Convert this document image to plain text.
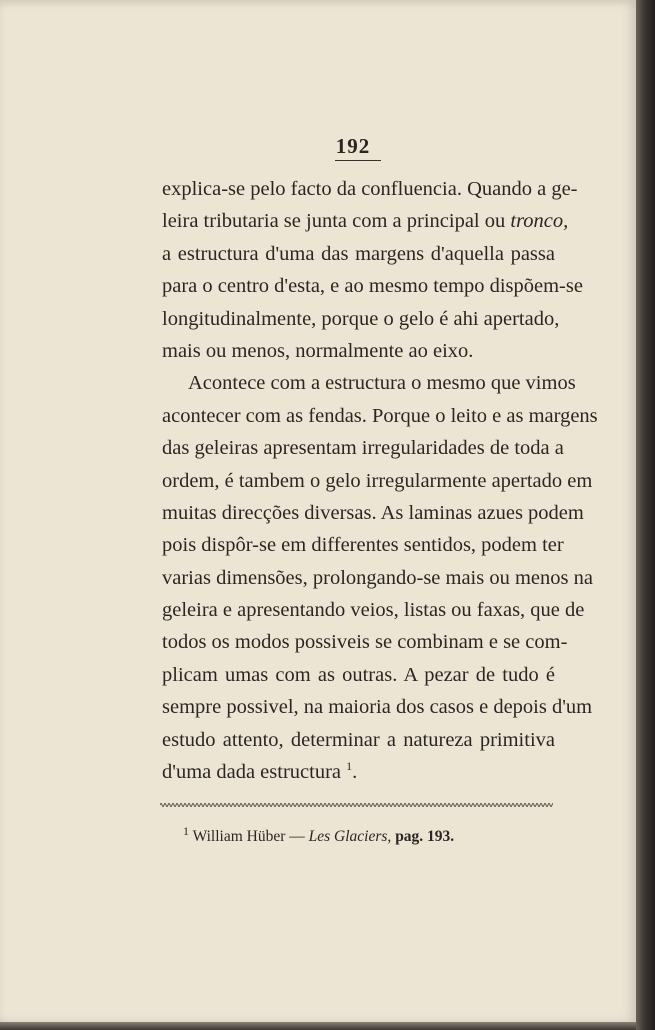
192
explica-se pelo facto da confluencia. Quando a ge-
leira tributaria se junta com a principal ou tronco,
a estructura d'uma das margens d'aquella passa
para o centro d'esta, e ao mesmo tempo dispõem-se
longitudinalmente, porque o gelo é ahi apertado,
mais ou menos, normalmente ao eixo.
Acontece com a estructura o mesmo que vimos
acontecer com as fendas. Porque o leito e as margens
das geleiras apresentam irregularidades de toda a
ordem, é tambem o gelo irregularmente apertado em
muitas direcções diversas. As laminas azues podem
pois dispôr-se em differentes sentidos, podem ter
varias dimensões, prolongando-se mais ou menos na
geleira e apresentando veios, listas ou faxas, que de
todos os modos possiveis se combinam e se com-
plicam umas com as outras. A pezar de tudo é
sempre possivel, na maioria dos casos e depois d'um
estudo attento, determinar a natureza primitiva
d'uma dada estructura $^1$.
$^1$ William Hüber — Les Glaciers, pag. 193.
